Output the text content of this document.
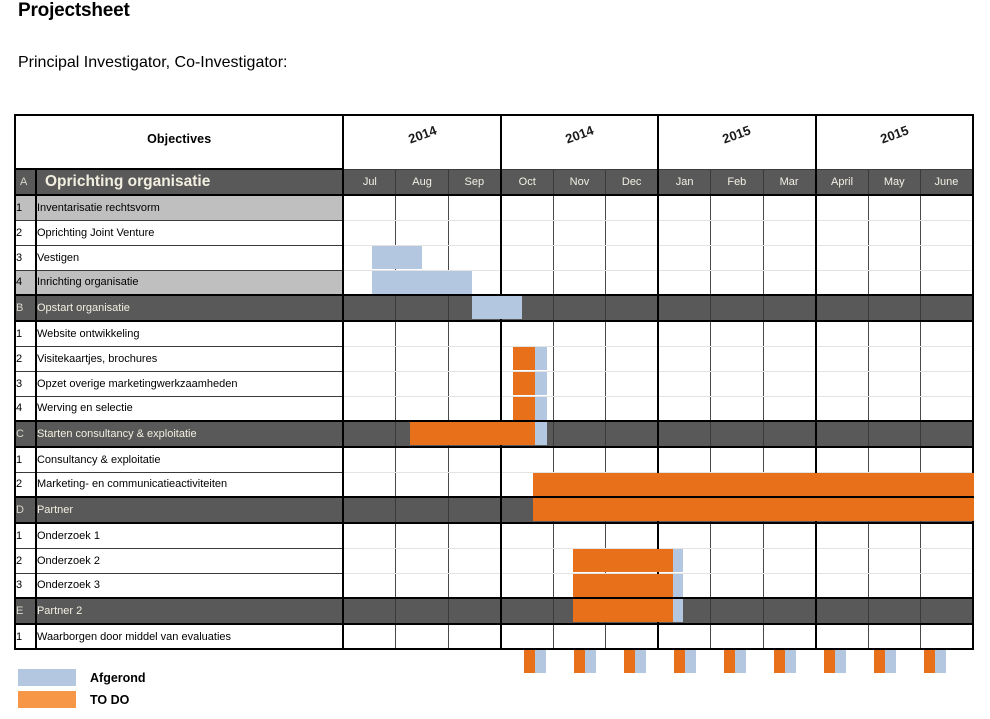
Projectsheet
Principal Investigator, Co-Investigator:
Objectives		2014			2014			2015			2015		
A	Oprichting organisatie	Jul	Aug	Sep	Oct	Nov	Dec	Jan	Feb	Mar	April	May	June
1	Inventarisatie rechtsvorm												
2	Oprichting Joint Venture												
3	Vestigen												
4	Inrichting organisatie												
B	Opstart organisatie												
1	Website ontwikkeling												
2	Visitekaartjes, brochures												
3	Opzet overige marketingwerkzaamheden												
4	Werving en selectie												
C	Starten consultancy & exploitatie												
1	Consultancy & exploitatie												
2	Marketing- en communicatieactiviteiten												
D	Partner												
1	Onderzoek 1												
2	Onderzoek 2												
3	Onderzoek 3												
E	Partner 2												
1	Waarborgen door middel van evaluaties												
Afgerond
TO DO
